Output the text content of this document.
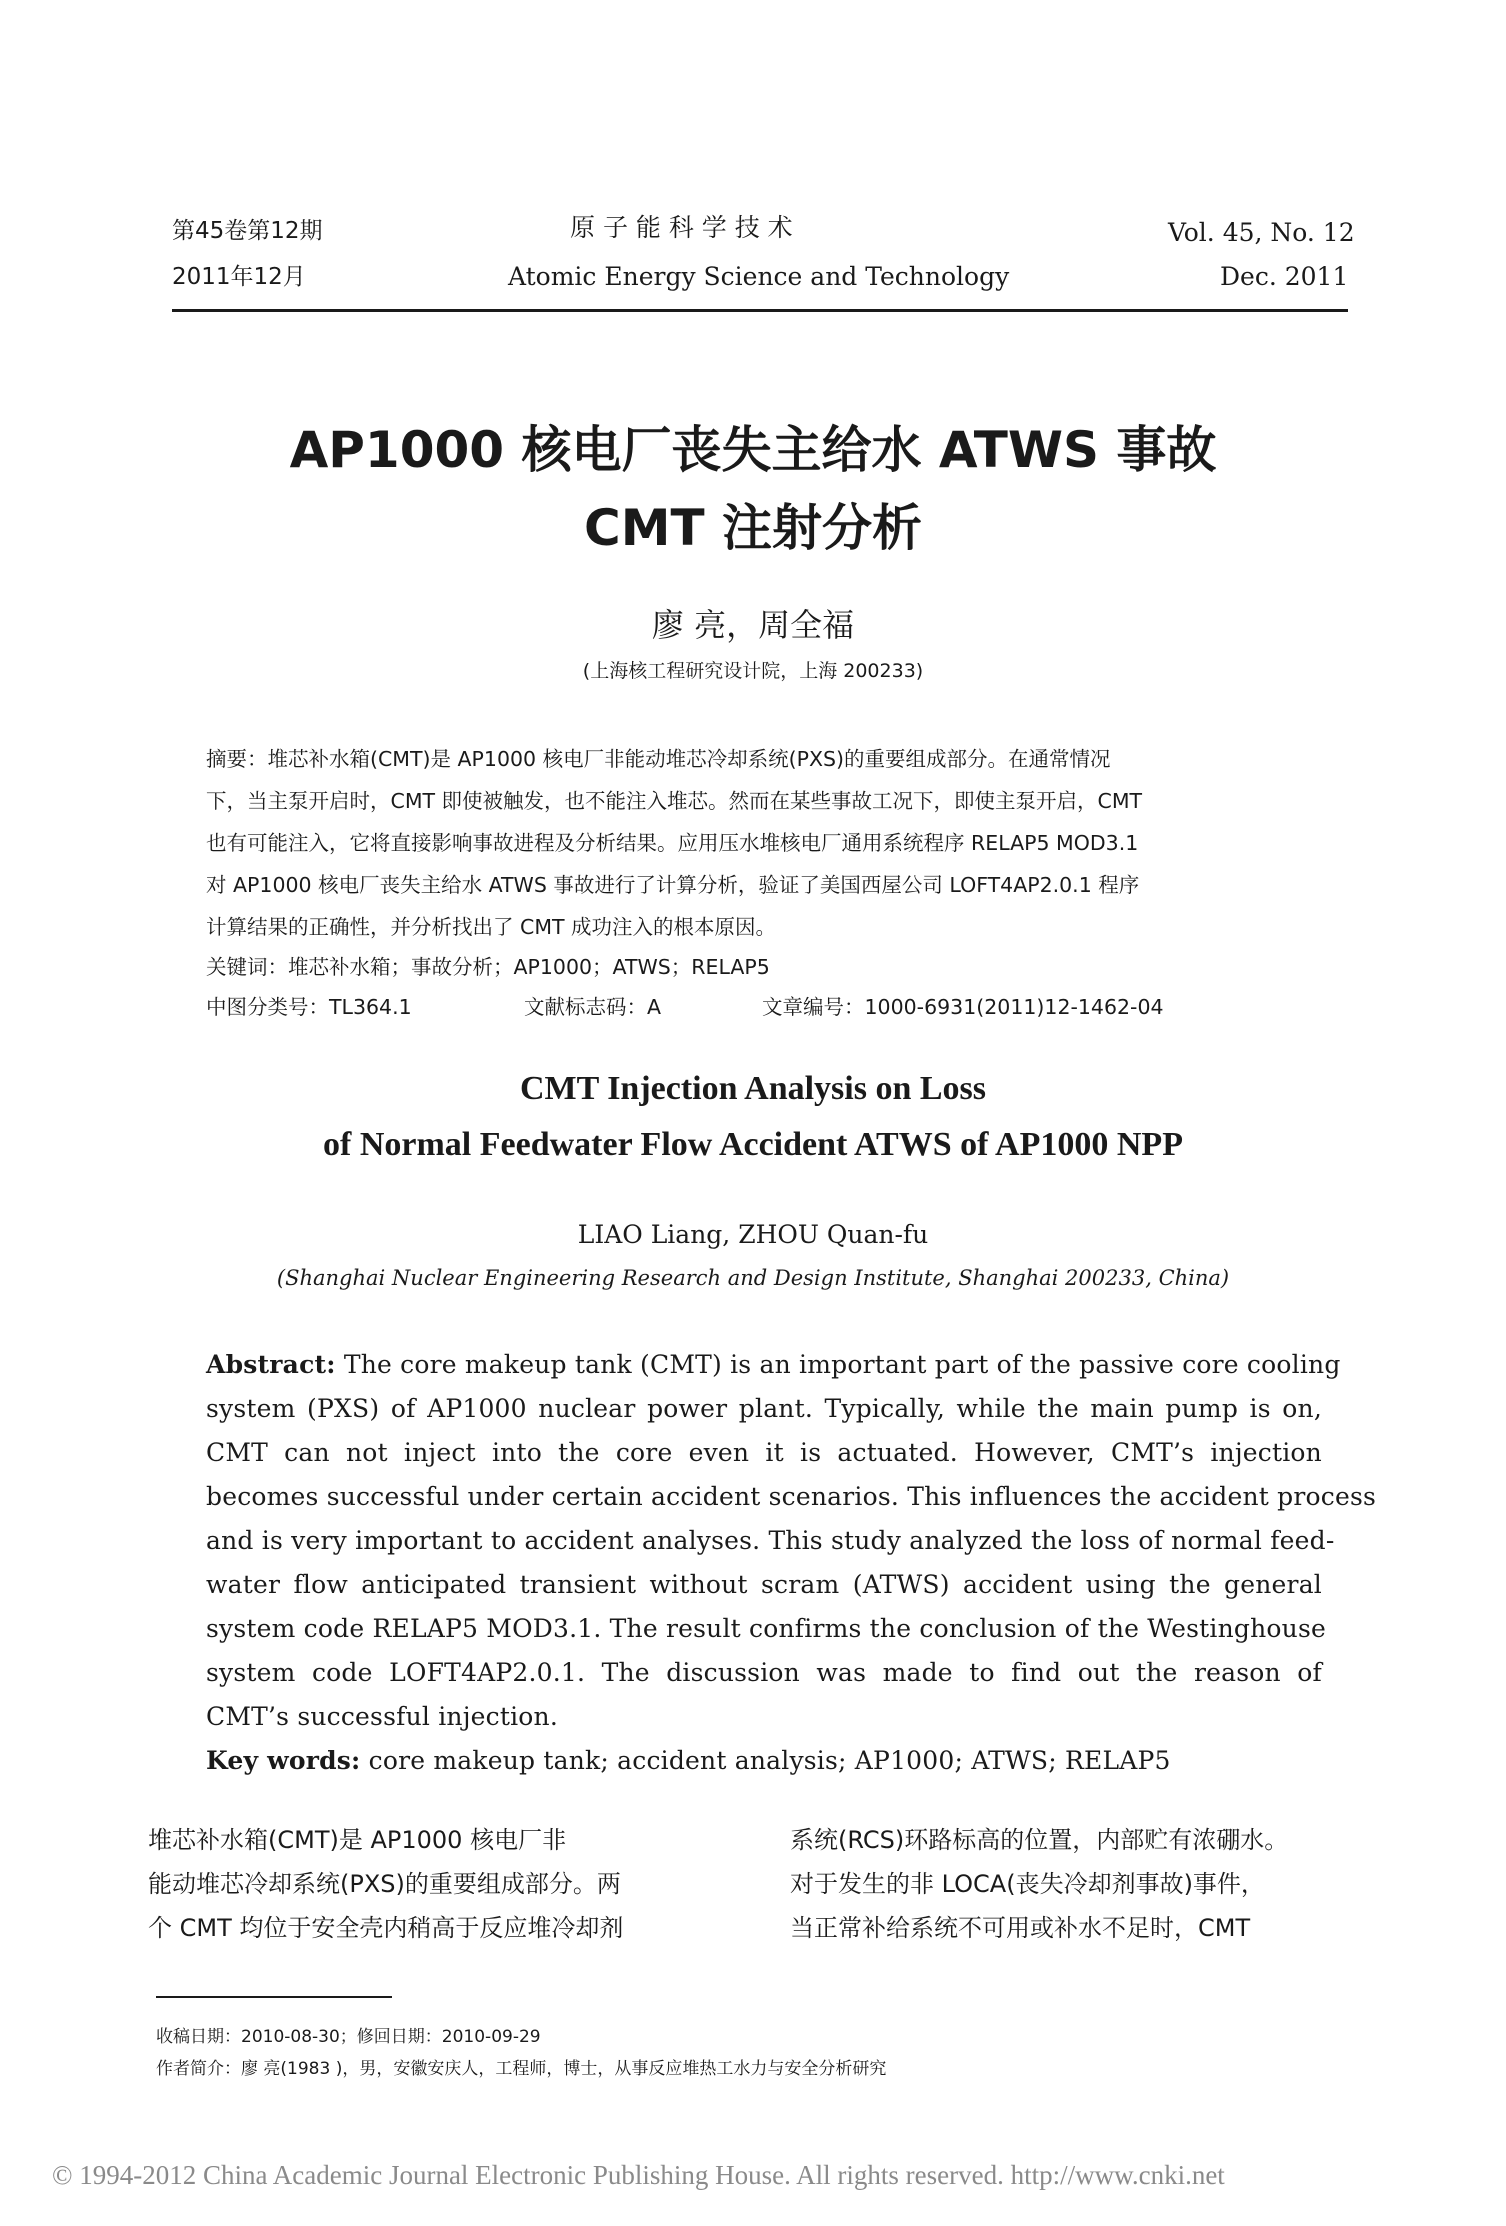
第45卷第12期
2011年12月
原 子 能 科 学 技 术
Atomic Energy Science and Technology
Vol. 45, No. 12
Dec. 2011
AP1000 核电厂丧失主给水 ATWS 事故
CMT 注射分析
廖 亮，周全福
(上海核工程研究设计院，上海 200233)
摘要：堆芯补水箱(CMT)是 AP1000 核电厂非能动堆芯冷却系统(PXS)的重要组成部分。在通常情况
下，当主泵开启时，CMT 即使被触发，也不能注入堆芯。然而在某些事故工况下，即使主泵开启，CMT
也有可能注入，它将直接影响事故进程及分析结果。应用压水堆核电厂通用系统程序 RELAP5 MOD3.1
对 AP1000 核电厂丧失主给水 ATWS 事故进行了计算分析，验证了美国西屋公司 LOFT4AP2.0.1 程序
计算结果的正确性，并分析找出了 CMT 成功注入的根本原因。
关键词：堆芯补水箱；事故分析；AP1000；ATWS；RELAP5
中图分类号：TL364.1	文献标志码：A	文章编号：1000-6931(2011)12-1462-04
CMT Injection Analysis on Loss
of Normal Feedwater Flow Accident ATWS of AP1000 NPP
LIAO Liang, ZHOU Quan-fu
(Shanghai Nuclear Engineering Research and Design Institute, Shanghai 200233, China)
Abstract: The core makeup tank (CMT) is an important part of the passive core cooling
system (PXS) of AP1000 nuclear power plant. Typically, while the main pump is on,
CMT can not inject into the core even it is actuated. However, CMT’s injection
becomes successful under certain accident scenarios. This influences the accident process
and is very important to accident analyses. This study analyzed the loss of normal feed-
water flow anticipated transient without scram (ATWS) accident using the general
system code RELAP5 MOD3.1. The result confirms the conclusion of the Westinghouse
system code LOFT4AP2.0.1. The discussion was made to find out the reason of
CMT’s successful injection.
Key words: core makeup tank; accident analysis; AP1000; ATWS; RELAP5
堆芯补水箱(CMT)是 AP1000 核电厂非
能动堆芯冷却系统(PXS)的重要组成部分。两
个 CMT 均位于安全壳内稍高于反应堆冷却剂
系统(RCS)环路标高的位置，内部贮有浓硼水。
对于发生的非 LOCA(丧失冷却剂事故)事件，
当正常补给系统不可用或补水不足时，CMT
收稿日期：2010-08-30；修回日期：2010-09-29
作者简介：廖 亮(1983 )，男，安徽安庆人，工程师，博士，从事反应堆热工水力与安全分析研究
© 1994-2012 China Academic Journal Electronic Publishing House. All rights reserved. http://www.cnki.net
